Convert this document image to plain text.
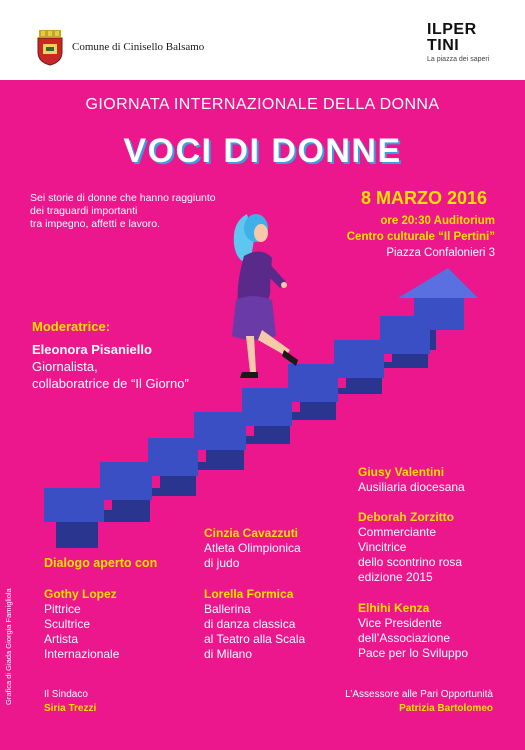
Comune di Cinisello Balsamo
ILPER
TINI
La piazza dei saperi
GIORNATA INTERNAZIONALE DELLA DONNA
VOCI DI DONNE
Sei storie di donne che hanno raggiunto
dei traguardi importanti
tra impegno, affetti e lavoro.
8 MARZO 2016
ore 20:30 Auditorium
Centro culturale “Il Pertini”
Piazza Confalonieri 3
Moderatrice:
Eleonora Pisaniello
Giornalista,
collaboratrice de “Il Giorno”
Dialogo aperto con
Giusy Valentini
Ausiliaria diocesana
Deborah Zorzitto
Commerciante
Vincitrice
dello scontrino rosa
edizione 2015
Cinzia Cavazzuti
Atleta Olimpionica
di judo
Gothy Lopez
Pittrice
Scultrice
Artista
Internazionale
Lorella Formica
Ballerina
di danza classica
al Teatro alla Scala
di Milano
Elhihi Kenza
Vice Presidente
dell’Associazione
Pace per lo Sviluppo
Grafica di Giada Giorgia Famigliola	Il Sindaco
Siria Trezzi
L’Assessore alle Pari Opportunità
Patrizia Bartolomeo
